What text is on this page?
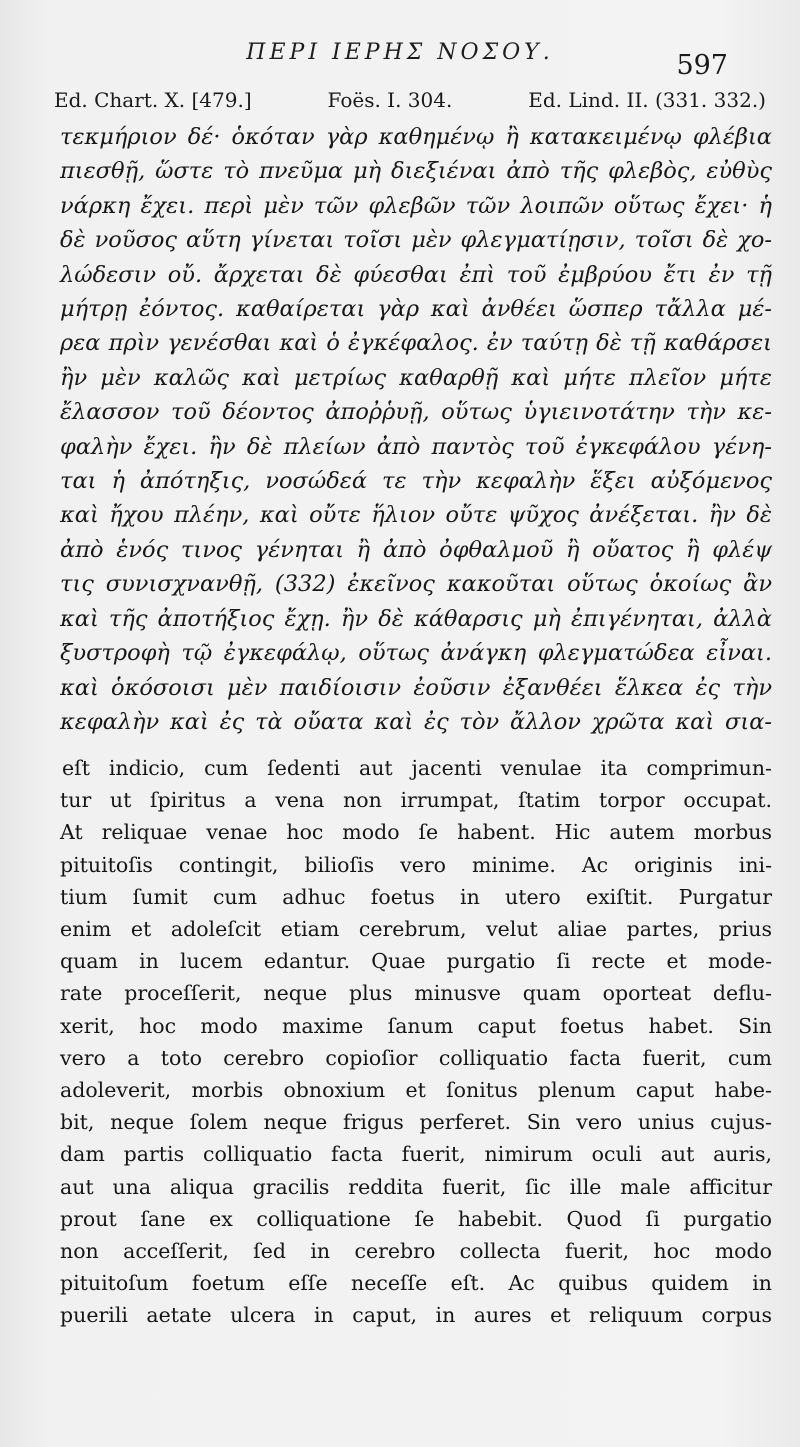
ΠΕΡΙ ΙΕΡΗΣ ΝΟΣΟΥ.	597
Ed. Chart. X. [479.]	Foës. I. 304.	Ed. Lind. II. (331. 332.)
τεκμήριον δέ· ὁκόταν γὰρ καθημένῳ ἢ κατακειμένῳ φλέβια
πιεσθῇ, ὥστε τὸ πνεῦμα μὴ διεξιέναι ἀπὸ τῆς φλεβὸς, εὐθὺς
νάρκη ἔχει. περὶ μὲν τῶν φλεβῶν τῶν λοιπῶν οὕτως ἔχει· ἡ
δὲ νοῦσος αὕτη γίνεται τοῖσι μὲν φλεγματίῃσιν, τοῖσι δὲ χο-
λώδεσιν οὔ. ἄρχεται δὲ φύεσθαι ἐπὶ τοῦ ἐμβρύου ἔτι ἐν τῇ
μήτρῃ ἐόντος. καθαίρεται γὰρ καὶ ἀνθέει ὥσπερ τἄλλα μέ-
ρεα πρὶν γενέσθαι καὶ ὁ ἐγκέφαλος. ἐν ταύτῃ δὲ τῇ καθάρσει
ἢν μὲν καλῶς καὶ μετρίως καθαρθῇ καὶ μήτε πλεῖον μήτε
ἔλασσον τοῦ δέοντος ἀποῤῥυῇ, οὕτως ὑγιεινοτάτην τὴν κε-
φαλὴν ἔχει. ἢν δὲ πλείων ἀπὸ παντὸς τοῦ ἐγκεφάλου γένη-
ται ἡ ἀπότηξις, νοσώδεά τε τὴν κεφαλὴν ἕξει αὐξόμενος
καὶ ἤχου πλέην, καὶ οὔτε ἥλιον οὔτε ψῦχος ἀνέξεται. ἢν δὲ
ἀπὸ ἑνός τινος γένηται ἢ ἀπὸ ὀφθαλμοῦ ἢ οὔατος ἢ φλέψ
τις συνισχνανθῇ, (332) ἐκεῖνος κακοῦται οὕτως ὁκοίως ἂν
καὶ τῆς ἀποτήξιος ἔχῃ. ἢν δὲ κάθαρσις μὴ ἐπιγένηται, ἀλλὰ
ξυστροφὴ τῷ ἐγκεφάλῳ, οὕτως ἀνάγκη φλεγματώδεα εἶναι.
καὶ ὁκόσοισι μὲν παιδίοισιν ἐοῦσιν ἐξανθέει ἕλκεα ἐς τὴν
κεφαλὴν καὶ ἐς τὰ οὔατα καὶ ἐς τὸν ἄλλον χρῶτα καὶ σια-
eſt indicio, cum ſedenti aut jacenti venulae ita comprimun-
tur ut ſpiritus a vena non irrumpat, ſtatim torpor occupat.
At reliquae venae hoc modo ſe habent. Hic autem morbus
pituitoſis contingit, bilioſis vero minime. Ac originis ini-
tium ſumit cum adhuc foetus in utero exiſtit. Purgatur
enim et adoleſcit etiam cerebrum, velut aliae partes, prius
quam in lucem edantur. Quae purgatio ſi recte et mode-
rate proceſſerit, neque plus minusve quam oporteat deflu-
xerit, hoc modo maxime ſanum caput foetus habet. Sin
vero a toto cerebro copioſior colliquatio facta fuerit, cum
adoleverit, morbis obnoxium et ſonitus plenum caput habe-
bit, neque ſolem neque frigus perferet. Sin vero unius cujus-
dam partis colliquatio facta fuerit, nimirum oculi aut auris,
aut una aliqua gracilis reddita fuerit, ſic ille male afficitur
prout ſane ex colliquatione ſe habebit. Quod ſi purgatio
non acceſſerit, ſed in cerebro collecta fuerit, hoc modo
pituitoſum foetum eſſe neceſſe eſt. Ac quibus quidem in
puerili aetate ulcera in caput, in aures et reliquum corpus
